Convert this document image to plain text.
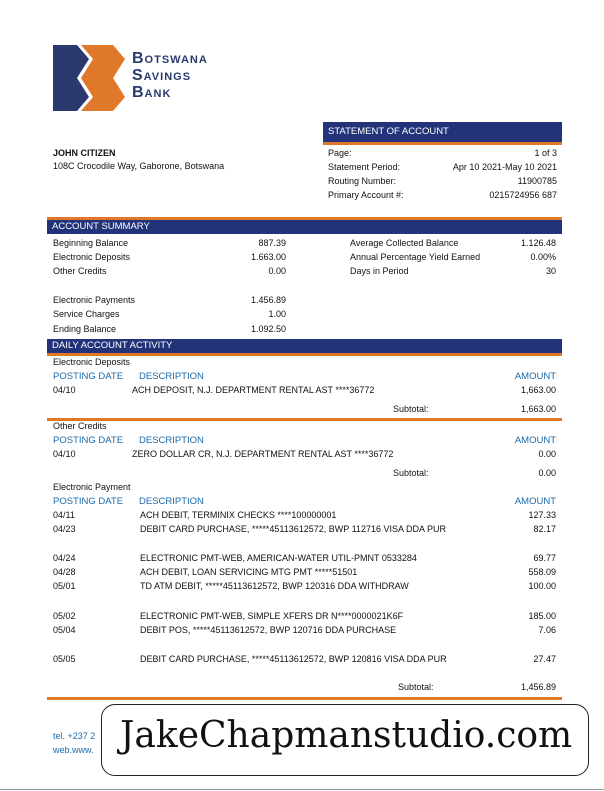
Botswana
Savings
Bank
JOHN CITIZEN
108C Crocodile Way, Gaborone, Botswana
STATEMENT OF ACCOUNT
Page:	1 of 3
Statement Period:	Apr 10 2021-May 10 2021
Routing Number:	11900785
Primary Account #:	0215724956 687
ACCOUNT SUMMARY
Beginning Balance	887.39
Electronic Deposits	1.663.00
Other Credits	0.00
Electronic Payments	1.456.89
Service Charges	1.00
Ending Balance	1.092.50
Average Collected Balance	1.126.48
Annual Percentage Yield Earned	0.00%
Days in Period	30
DAILY ACCOUNT ACTIVITY
Electronic Deposits
POSTING DATE DESCRIPTION	AMOUNT
04/10	ACH DEPOSIT, N.J. DEPARTMENT RENTAL AST ****36772	1,663.00
Subtotal:	1,663.00
Other Credits
POSTING DATE DESCRIPTION	AMOUNT
04/10	ZERO DOLLAR CR, N.J. DEPARTMENT RENTAL AST ****36772	0.00
Subtotal:	0.00
Electronic Payment
POSTING DATE DESCRIPTION	AMOUNT
04/11	ACH DEBIT, TERMINIX CHECKS ****100000001	127.33
04/23	DEBIT CARD PURCHASE, *****45113612572, BWP 112716 VISA DDA PUR	82.17
04/24	ELECTRONIC PMT-WEB, AMERICAN-WATER UTIL-PMNT 0533284	69.77
04/28	ACH DEBIT, LOAN SERVICING MTG PMT *****51501	558.09
05/01	TD ATM DEBIT, *****45113612572, BWP 120316 DDA WITHDRAW	100.00
05/02	ELECTRONIC PMT-WEB, SIMPLE XFERS DR N****0000021K6F	185.00
05/04	DEBIT POS, *****45113612572, BWP 120716 DDA PURCHASE	7.06
05/05	DEBIT CARD PURCHASE, *****45113612572, BWP 120816 VISA DDA PUR	27.47
Subtotal:	1,456.89
tel. +237 2
web.www. JakeChapmanstudio.com
